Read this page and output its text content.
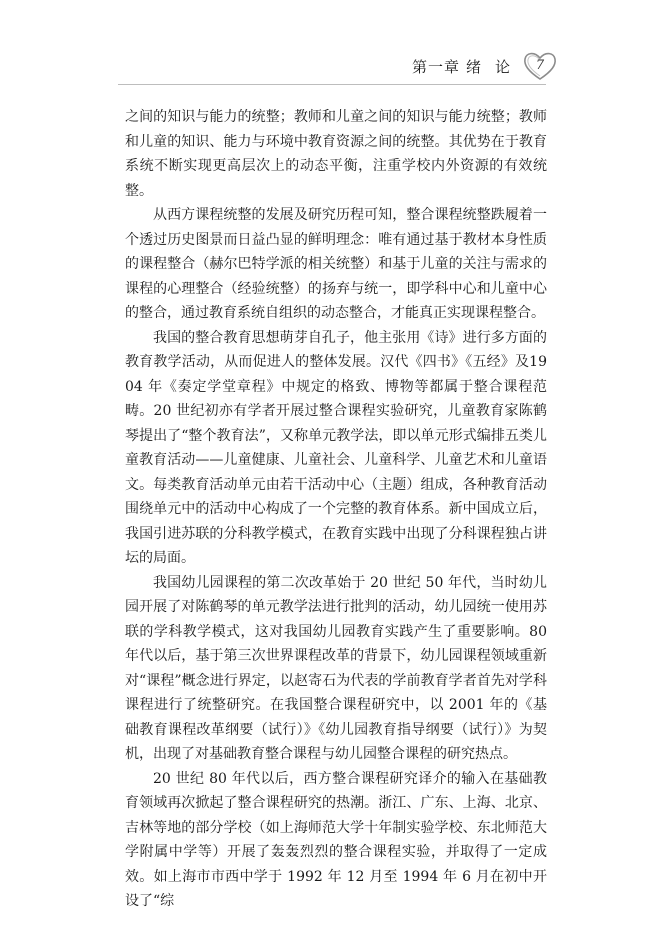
第一章 绪论 7

之间的知识与能力的统整；教师和儿童之间的知识与能力统整；教师和儿童的知识、能力与环境中教育资源之间的统整。其优势在于教育系统不断实现更高层次上的动态平衡，注重学校内外资源的有效统整。

从西方课程统整的发展及研究历程可知，整合课程统整跌履着一个透过历史图景而日益凸显的鲜明理念：唯有通过基于教材本身性质的课程整合（赫尔巴特学派的相关统整）和基于儿童的关注与需求的课程的心理整合（经验统整）的扬弃与统一，即学科中心和儿童中心的整合，通过教育系统自组织的动态整合，才能真正实现课程整合。

我国的整合教育思想萌芽自孔子，他主张用《诗》进行多方面的教育教学活动，从而促进人的整体发展。汉代《四书》《五经》及1904 年《奏定学堂章程》中规定的格致、博物等都属于整合课程范畴。20 世纪初亦有学者开展过整合课程实验研究，儿童教育家陈鹤琴提出了“整个教育法”，又称单元教学法，即以单元形式编排五类儿童教育活动——儿童健康、儿童社会、儿童科学、儿童艺术和儿童语文。每类教育活动单元由若干活动中心（主题）组成，各种教育活动围绕单元中的活动中心构成了一个完整的教育体系。新中国成立后，我国引进苏联的分科教学模式，在教育实践中出现了分科课程独占讲坛的局面。

我国幼儿园课程的第二次改革始于 20 世纪 50 年代，当时幼儿园开展了对陈鹤琴的单元教学法进行批判的活动，幼儿园统一使用苏联的学科教学模式，这对我国幼儿园教育实践产生了重要影响。80 年代以后，基于第三次世界课程改革的背景下，幼儿园课程领域重新对“课程”概念进行界定，以赵寄石为代表的学前教育学者首先对学科课程进行了统整研究。在我国整合课程研究中，以 2001 年的《基础教育课程改革纲要（试行）》《幼儿园教育指导纲要（试行）》为契机，出现了对基础教育整合课程与幼儿园整合课程的研究热点。

20 世纪 80 年代以后，西方整合课程研究译介的输入在基础教育领域再次掀起了整合课程研究的热潮。浙江、广东、上海、北京、吉林等地的部分学校（如上海师范大学十年制实验学校、东北师范大学附属中学等）开展了轰轰烈烈的整合课程实验，并取得了一定成效。如上海市市西中学于 1992 年 12 月至 1994 年 6 月在初中开设了“综
